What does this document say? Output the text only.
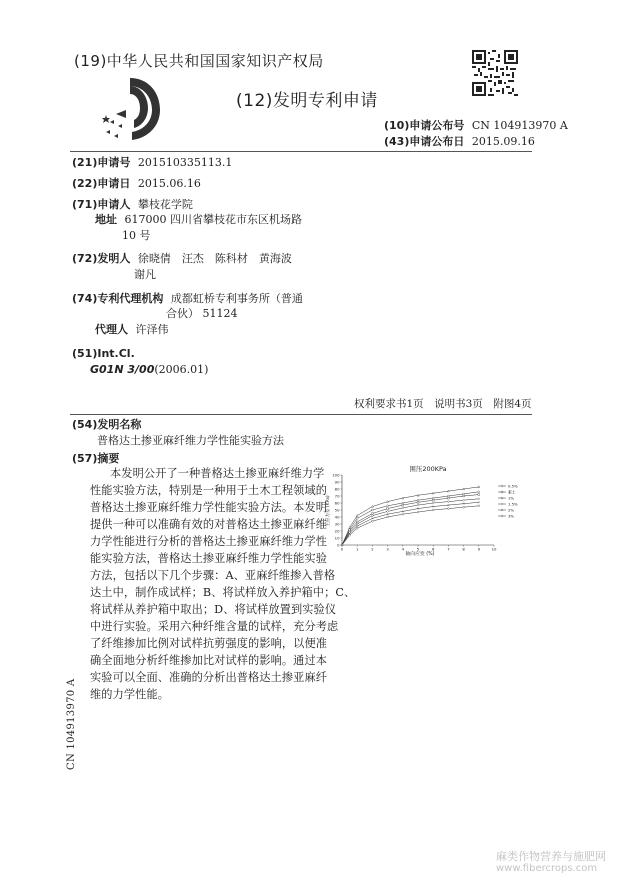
(19)中华人民共和国国家知识产权局
(12)发明专利申请
(10)申请公布号 CN 104913970 A
(43)申请公布日 2015.09.16
(21)申请号 201510335113.1
(22)申请日 2015.06.16
(71)申请人 攀枝花学院
地址 617000 四川省攀枝花市东区机场路
10 号
(72)发明人 徐晓倩　汪杰　陈科材　黄海波
谢凡
(74)专利代理机构 成都虹桥专利事务所（普通
合伙） 51124
代理人 许泽伟
(51)Int.Cl.
G01N 3/00(2006.01)
权利要求书1页　说明书3页　附图4页
(54)发明名称
普格达土掺亚麻纤维力学性能实验方法
(57)摘要
本发明公开了一种普格达土掺亚麻纤维力学
性能实验方法，特别是一种用于土木工程领域的
普格达土掺亚麻纤维力学性能实验方法。本发明
提供一种可以准确有效的对普格达土掺亚麻纤维
力学性能进行分析的普格达土掺亚麻纤维力学性
能实验方法，普格达土掺亚麻纤维力学性能实验
方法，包括以下几个步骤：A、亚麻纤维掺入普格
达土中，制作成试样；B、将试样放入养护箱中；C、
将试样从养护箱中取出；D、将试样放置到实验仪
中进行实验。采用六种纤维含量的试样，充分考虑
了纤维掺加比例对试样抗剪强度的影响，以便准
确全面地分析纤维掺加比对试样的影响。通过本
实验可以全面、准确的分析出普格达土掺亚麻纤
维的力学性能。
围压200KPa
0	1	2	3	4	5	6	7	8	9	10
0
10
20
30
40
50
60
70
80
90
100
0.5%
素土
1%
1.5%
2%
3%
主应力差 (KPa)
轴向应变 (%)
CN 104913970 A
麻类作物营养与施肥网
www.fibercrops.com
